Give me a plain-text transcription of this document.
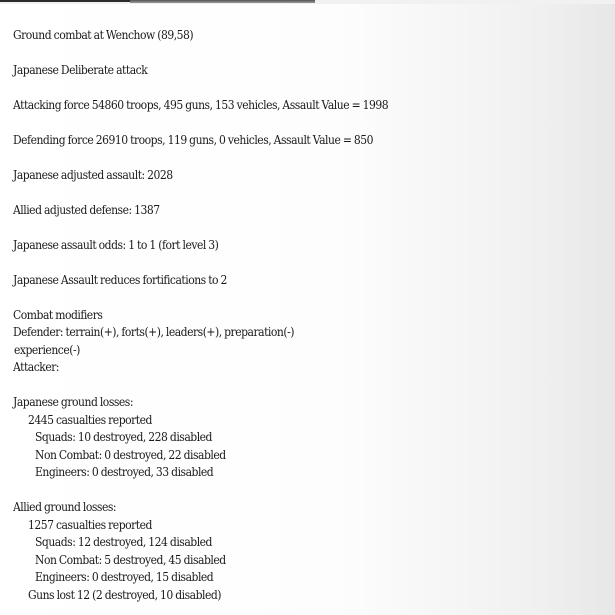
Ground combat at Wenchow (89,58)
Japanese Deliberate attack
Attacking force 54860 troops, 495 guns, 153 vehicles, Assault Value = 1998
Defending force 26910 troops, 119 guns, 0 vehicles, Assault Value = 850
Japanese adjusted assault: 2028
Allied adjusted defense: 1387
Japanese assault odds: 1 to 1 (fort level 3)
Japanese Assault reduces fortifications to 2
Combat modifiers
Defender: terrain(+), forts(+), leaders(+), preparation(-)
experience(-)
Attacker:
Japanese ground losses:
2445 casualties reported
Squads: 10 destroyed, 228 disabled
Non Combat: 0 destroyed, 22 disabled
Engineers: 0 destroyed, 33 disabled
Allied ground losses:
1257 casualties reported
Squads: 12 destroyed, 124 disabled
Non Combat: 5 destroyed, 45 disabled
Engineers: 0 destroyed, 15 disabled
Guns lost 12 (2 destroyed, 10 disabled)
